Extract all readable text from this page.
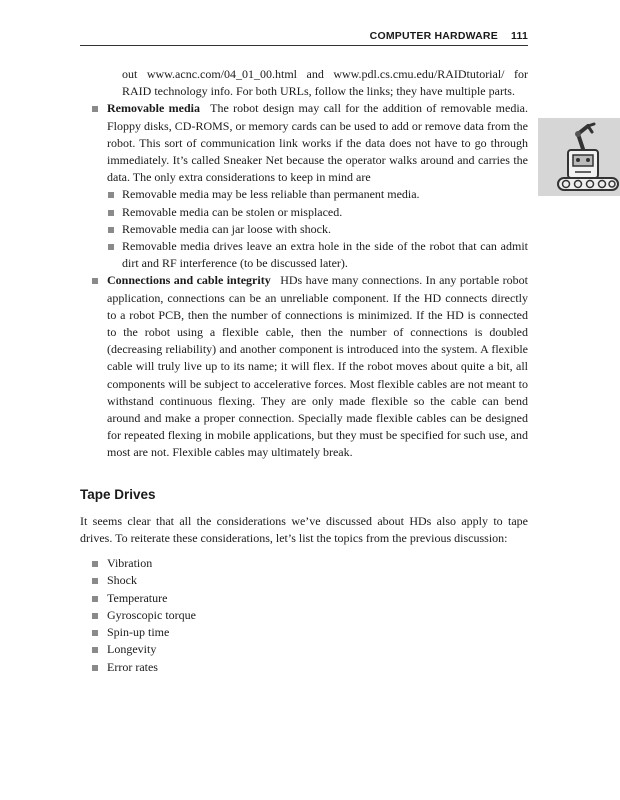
COMPUTER HARDWARE 111

out www.acnc.com/04_01_00.html and www.pdl.cs.cmu.edu/RAIDtutorial/ for RAID technology info. For both URLs, follow the links; they have multiple parts.

Removable media The robot design may call for the addition of removable media. Floppy disks, CD-ROMS, or memory cards can be used to add or remove data from the robot. This sort of communication link works if the data does not have to go through immediately. It’s called Sneaker Net because the operator walks around and carries the data. The only extra considerations to keep in mind are
Removable media may be less reliable than permanent media.
Removable media can be stolen or misplaced.
Removable media can jar loose with shock.
Removable media drives leave an extra hole in the side of the robot that can admit dirt and RF interference (to be discussed later).
Connections and cable integrity HDs have many connections. In any portable robot application, connections can be an unreliable component. If the HD connects directly to a robot PCB, then the number of connections is minimized. If the HD is connected to the robot using a flexible cable, then the number of connections is doubled (decreasing reliability) and another component is introduced into the system. A flexible cable will truly live up to its name; it will flex. If the robot moves about quite a bit, all components will be subject to accelerative forces. Most flexible cables are not meant to withstand continuous flexing. They are only made flexible so the cable can bend around and make a proper connection. Specially made flexible cables can be designed for repeated flexing in mobile applications, but they must be specified for such use, and most are not. Flexible cables may ultimately break.
Tape Drives

It seems clear that all the considerations we’ve discussed about HDs also apply to tape drives. To reiterate these considerations, let’s list the topics from the previous discussion:

Vibration
Shock
Temperature
Gyroscopic torque
Spin-up time
Longevity
Error rates
